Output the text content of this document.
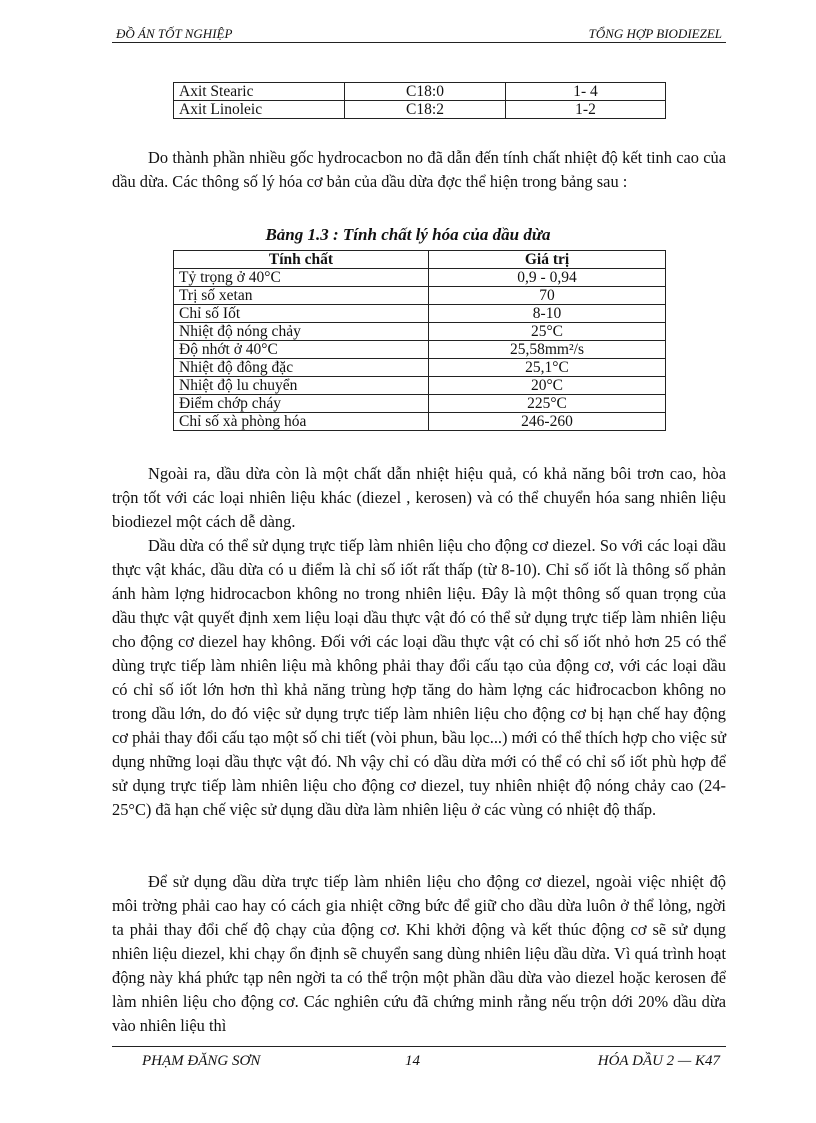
ĐỒ ÁN TỐT NGHIỆP	TỔNG HỢP BIODIEZEL
Axit Stearic	C18:0	1- 4
Axit Linoleic	C18:2	1-2
Do thành phần nhiều gốc hydrocacbon no đã dẫn đến tính chất nhiệt độ kết tinh cao của dầu dừa. Các thông số lý hóa cơ bản của dầu dừa đợc thể hiện trong bảng sau :
Bảng 1.3 : Tính chất lý hóa của dầu dừa
Tính chất	Giá trị
Tỷ trọng ở 40°C	0,9 - 0,94
Trị số xetan	70
Chỉ số Iốt	8-10
Nhiệt độ nóng chảy	25°C
Độ nhớt ở 40°C	25,58mm²/s
Nhiệt độ đông đặc	25,1°C
Nhiệt độ lu chuyển	20°C
Điểm chớp cháy	225°C
Chỉ số xà phòng hóa	246-260
Ngoài ra, dầu dừa còn là một chất dẫn nhiệt hiệu quả, có khả năng bôi trơn cao, hòa trộn tốt với các loại nhiên liệu khác (diezel , kerosen) và có thể chuyển hóa sang nhiên liệu biodiezel một cách dễ dàng.
Dầu dừa có thể sử dụng trực tiếp làm nhiên liệu cho động cơ diezel. So với các loại dầu thực vật khác, dầu dừa có u điểm là chỉ số iốt rất thấp (từ 8-10). Chỉ số iốt là thông số phản ánh hàm lợng hidrocacbon không no trong nhiên liệu. Đây là một thông số quan trọng của dầu thực vật quyết định xem liệu loại dầu thực vật đó có thể sử dụng trực tiếp làm nhiên liệu cho động cơ diezel hay không. Đối với các loại dầu thực vật có chỉ số iốt nhỏ hơn 25 có thể dùng trực tiếp làm nhiên liệu mà không phải thay đổi cấu tạo của động cơ, với các loại dầu có chỉ số iốt lớn hơn thì khả năng trùng hợp tăng do hàm lợng các hiđrocacbon không no trong dầu lớn, do đó việc sử dụng trực tiếp làm nhiên liệu cho động cơ bị hạn chế hay động cơ phải thay đổi cấu tạo một số chi tiết (vòi phun, bầu lọc...) mới có thể thích hợp cho việc sử dụng những loại dầu thực vật đó. Nh vậy chỉ có dầu dừa mới có thể có chỉ số iốt phù hợp để sử dụng trực tiếp làm nhiên liệu cho động cơ diezel, tuy nhiên nhiệt độ nóng chảy cao (24-25°C) đã hạn chế việc sử dụng dầu dừa làm nhiên liệu ở các vùng có nhiệt độ thấp.
Để sử dụng dầu dừa trực tiếp làm nhiên liệu cho động cơ diezel, ngoài việc nhiệt độ môi trờng phải cao hay có cách gia nhiệt cỡng bức để giữ cho dầu dừa luôn ở thể lỏng, ngời ta phải thay đổi chế độ chạy của động cơ. Khi khởi động và kết thúc động cơ sẽ sử dụng nhiên liệu diezel, khi chạy ổn định sẽ chuyển sang dùng nhiên liệu dầu dừa. Vì quá trình hoạt động này khá phức tạp nên ngời ta có thể trộn một phần dầu dừa vào diezel hoặc kerosen để làm nhiên liệu cho động cơ. Các nghiên cứu đã chứng minh rằng nếu trộn dới 20% dầu dừa vào nhiên liệu thì
PHẠM ĐĂNG SƠN	14	HÓA DẦU 2 — K47
